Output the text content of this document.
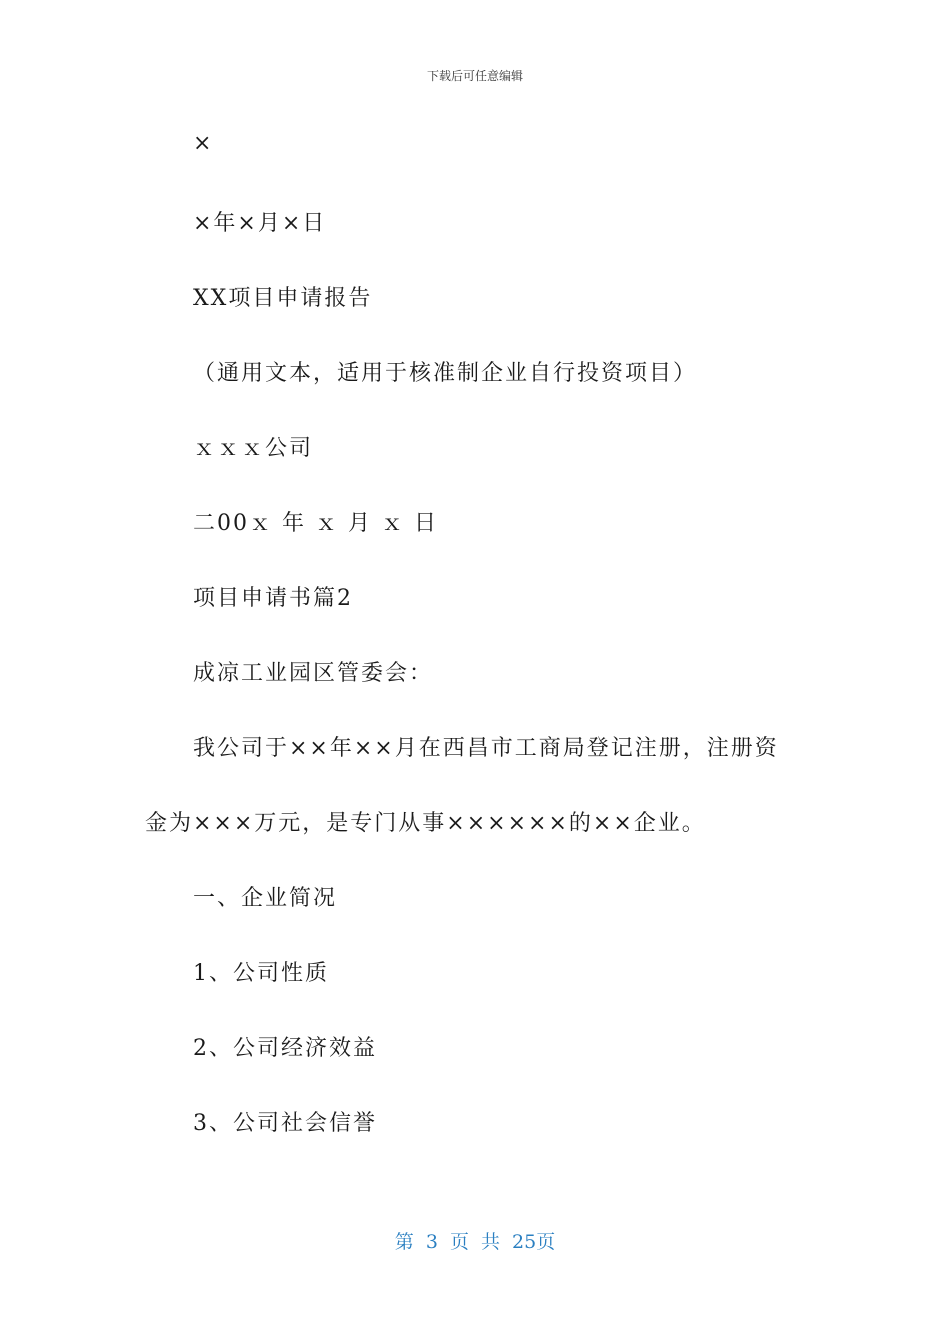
下载后可任意编辑
×
×年×月×日
XX项目申请报告
（通用文本，适用于核准制企业自行投资项目）
ｘｘｘ公司
二00ｘ 年 ｘ 月 ｘ 日
项目申请书篇2
成凉工业园区管委会：
我公司于××年××月在西昌市工商局登记注册，注册资
金为×××万元，是专门从事××××××的××企业。
一、企业简况
1、公司性质
2、公司经济效益
3、公司社会信誉
第 3 页 共 25页
